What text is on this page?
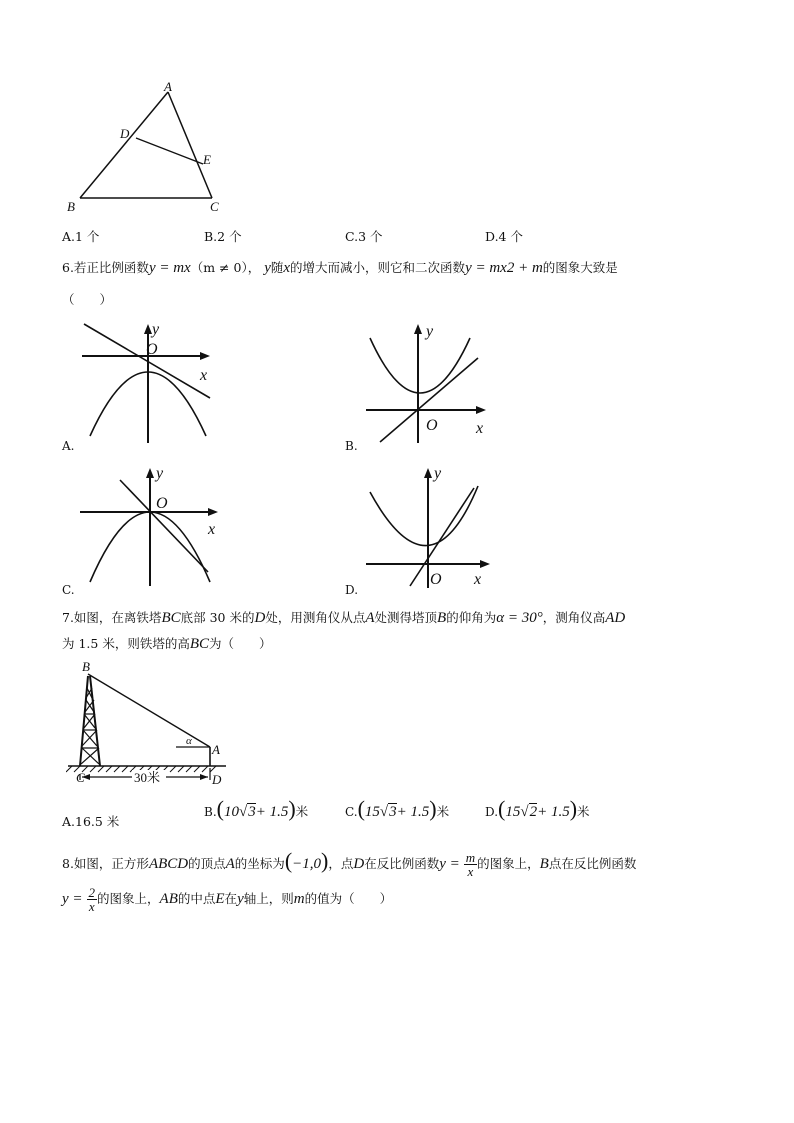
A
D
E
B	C
A.1 个	B.2 个	C.3 个	D.4 个
6.若正比例函数y = mx（m ≠ 0）， y随x的增大而减小，则它和二次函数y = mx2 + m的图象大致是
（　　）
y
O
x
A.
y
O x
B.
y
O
x
C.
y
O x
D.
7.如图，在离铁塔BC底部 30 米的D处，用测角仪从点A处测得塔顶B的仰角为α = 30°，测角仪高AD
为 1.5 米，则铁塔的高BC为（　　）
30米
B
A
α
C	D
A.16.5 米
B.(10√3+ 1.5)米	C.(15√3+ 1.5)米	D.(15√2+ 1.5)米
8.如图，正方形ABCD的顶点A的坐标为(−1,0)，点D在反比例函数$y = \frac{m}{x}$ 的图象上，B点在反比例函数
$y = \frac{2}{x}$ 的图象上，AB的中点E在y轴上，则m的值为（　　）
